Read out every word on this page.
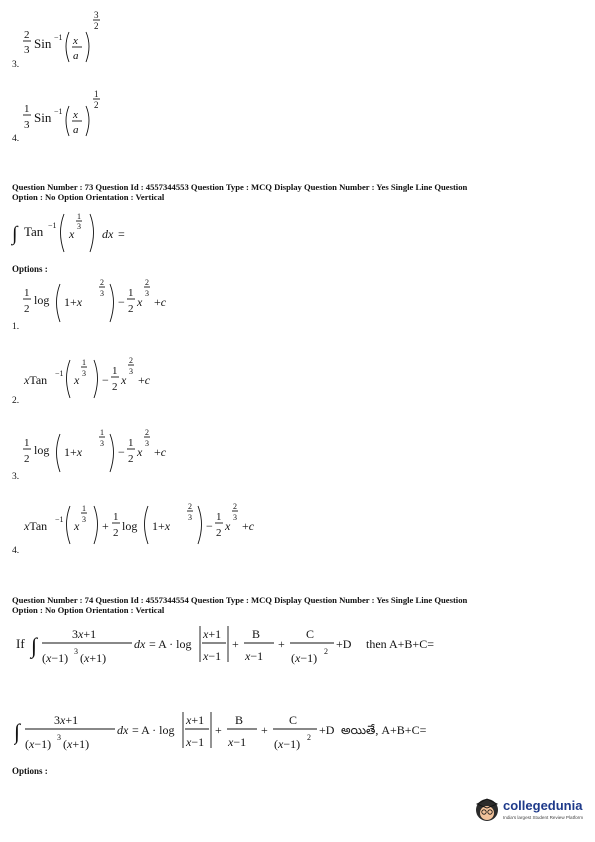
2
3 Sin −1 x
a
3
2
3.
1
3 Sin −1 x
a
1
2
4.
Question Number : 73 Question Id : 4557344553 Question Type : MCQ Display Question Number : Yes Single Line Question
Option : No Option Orientation : Vertical
∫ Tan −1
x
1
3
dx =
Options :
1
2
log 1+x
2
3
−
1
2 x
2
3
+c
1.
xTan −1 x
1
3 −
1
2 x
2
3
+c
2.
1
2
log 1+x
1
3
−
1
2 x
2
3
+c
3.
xTan −1 x
1
3 +
1
2 log 1+x
2
3
−
1
2 x
2
3
+c
4.
Question Number : 74 Question Id : 4557344554 Question Type : MCQ Display Question Number : Yes Single Line Question
Option : No Option Orientation : Vertical
If ∫	3x+1
(x−1) 3 (x+1)
dx = A · log
x+1
x−1
+
B
x−1
+
C
(x−1) 2
+D then A+B+C=
∫	3x+1
(x−1) 3 (x+1)
dx = A · log
x+1
x−1
+
B
x−1
+
C
(x−1) 2
+D అయితే, A+B+C=
Options :
collegedunia
India's largest Student Review Platform
